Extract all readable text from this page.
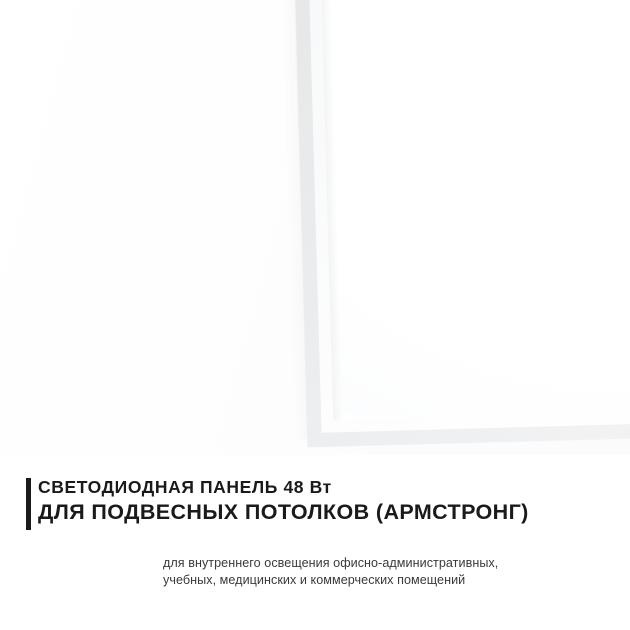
СВЕТОДИОДНАЯ ПАНЕЛЬ 48 Вт
ДЛЯ ПОДВЕСНЫХ ПОТОЛКОВ (АРМСТРОНГ)
для внутреннего освещения офисно-административных,
учебных, медицинских и коммерческих помещений
